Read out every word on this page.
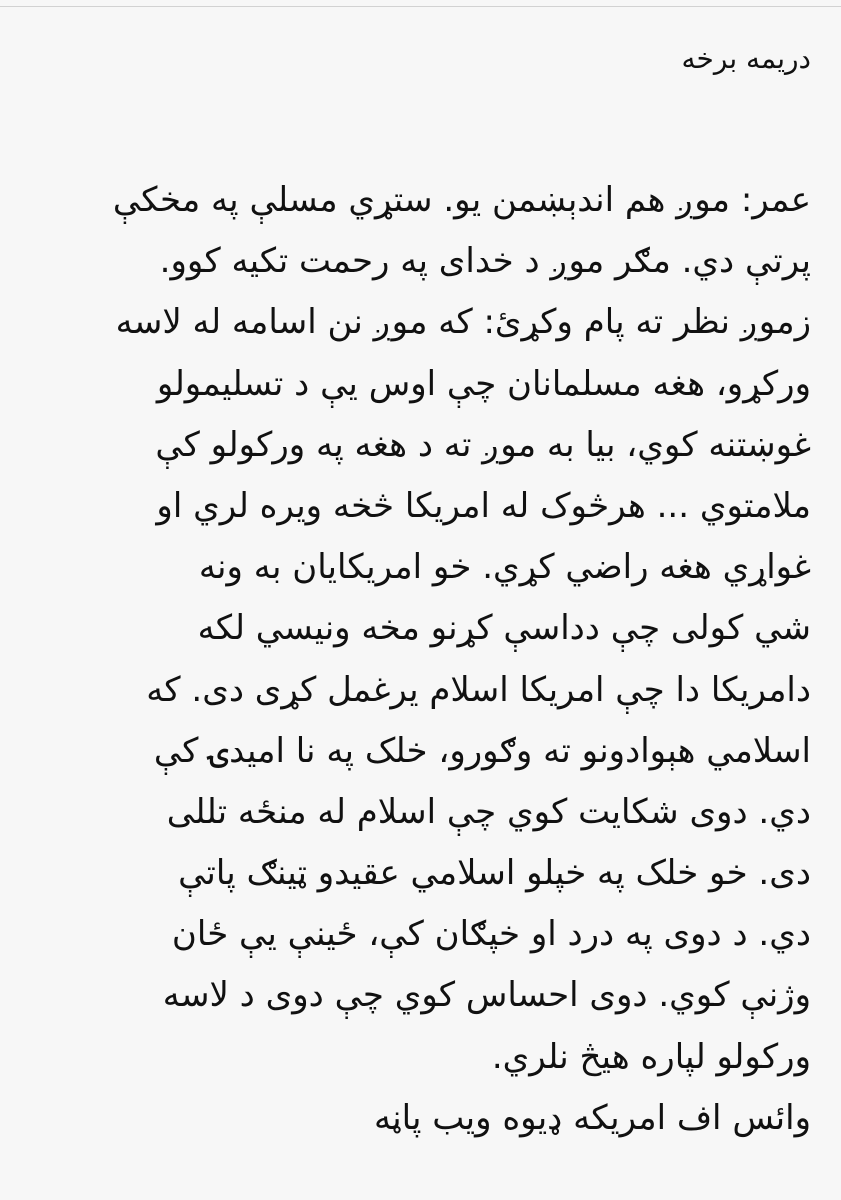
دریمه برخه
عمر: موږ هم اندېښمن یو. ستړي مسلې په مخکې
پرتې دي. مګر موږ د خدای په رحمت تکیه کوو.
زموږ نظر ته پام وکړئ: که موږ نن اسامه له لاسه
ورکړو، هغه مسلمانان چې اوس یې د تسلیمولو
غوښتنه کوي، بیا به موږ ته د هغه په ورکولو کې
ملامتوي ... هرڅوک له امریکا څخه ویره لري او
غواړي هغه راضي کړي. خو امریکایان به ونه
شي کولی چې دداسې کړنو مخه ونیسي لکه
دامریکا دا چې امریکا اسلام یرغمل کړی دی. که
اسلامي هېوادونو ته وګورو، خلک په نا امیدۍ کې
دي. دوی شکایت کوي چې اسلام له منځه تللی
دی. خو خلک په خپلو اسلامي عقیدو ټینګ پاتې
دي. د دوی په درد او خپګان کې، ځینې یې ځان
وژنې کوي. دوی احساس کوي چې دوی د لاسه
ورکولو لپاره هیڅ نلري.
وائس اف امریکه ډیوه ویب پاڼه
